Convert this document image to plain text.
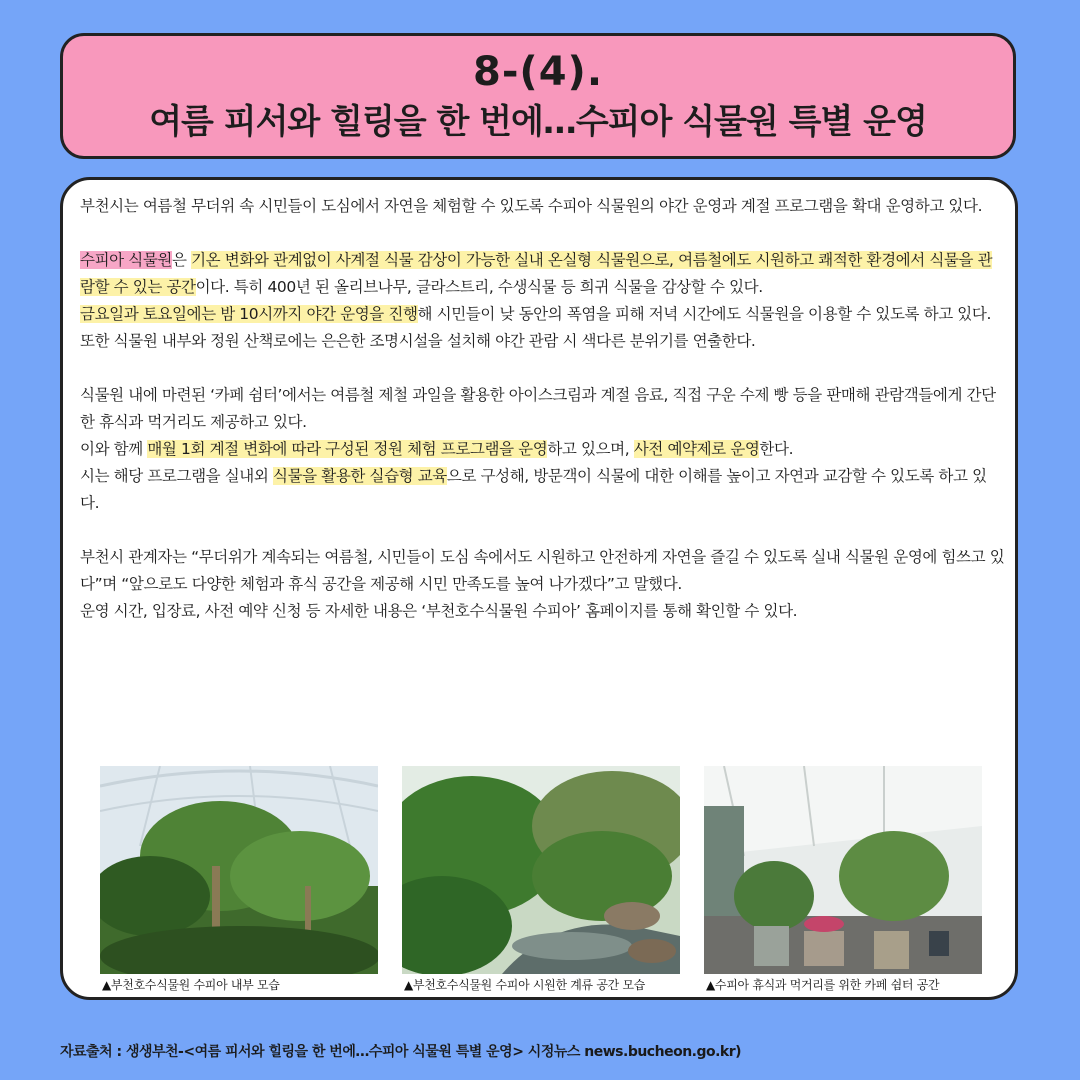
8-(4).
여름 피서와 힐링을 한 번에…수피아 식물원 특별 운영

부천시는 여름철 무더위 속 시민들이 도심에서 자연을 체험할 수 있도록 수피아 식물원의 야간 운영과 계절 프로그램을 확대 운영하고 있다.

수피아 식물원은 기온 변화와 관계없이 사계절 식물 감상이 가능한 실내 온실형 식물원으로, 여름철에도 시원하고 쾌적한 환경에서 식물을 관람할 수 있는 공간이다. 특히 400년 된 올리브나무, 글라스트리, 수생식물 등 희귀 식물을 감상할 수 있다.

금요일과 토요일에는 밤 10시까지 야간 운영을 진행해 시민들이 낮 동안의 폭염을 피해 저녁 시간에도 식물원을 이용할 수 있도록 하고 있다. 또한 식물원 내부와 정원 산책로에는 은은한 조명시설을 설치해 야간 관람 시 색다른 분위기를 연출한다.

식물원 내에 마련된 ‘카페 쉼터’에서는 여름철 제철 과일을 활용한 아이스크림과 계절 음료, 직접 구운 수제 빵 등을 판매해 관람객들에게 간단한 휴식과 먹거리도 제공하고 있다.

이와 함께 매월 1회 계절 변화에 따라 구성된 정원 체험 프로그램을 운영하고 있으며, 사전 예약제로 운영한다.

시는 해당 프로그램을 실내외 식물을 활용한 실습형 교육으로 구성해, 방문객이 식물에 대한 이해를 높이고 자연과 교감할 수 있도록 하고 있다.

부천시 관계자는 “무더위가 계속되는 여름철, 시민들이 도심 속에서도 시원하고 안전하게 자연을 즐길 수 있도록 실내 식물원 운영에 힘쓰고 있다”며 “앞으로도 다양한 체험과 휴식 공간을 제공해 시민 만족도를 높여 나가겠다”고 말했다.

운영 시간, 입장료, 사전 예약 신청 등 자세한 내용은 ‘부천호수식물원 수피아’ 홈페이지를 통해 확인할 수 있다.

▲부천호수식물원 수피아 내부 모습	▲부천호수식물원 수피아 시원한 계류 공간 모습	▲수피아 휴식과 먹거리를 위한 카페 쉼터 공간
자료출처 : 생생부천-<여름 피서와 힐링을 한 번에…수피아 식물원 특별 운영> 시정뉴스 news.bucheon.go.kr)
